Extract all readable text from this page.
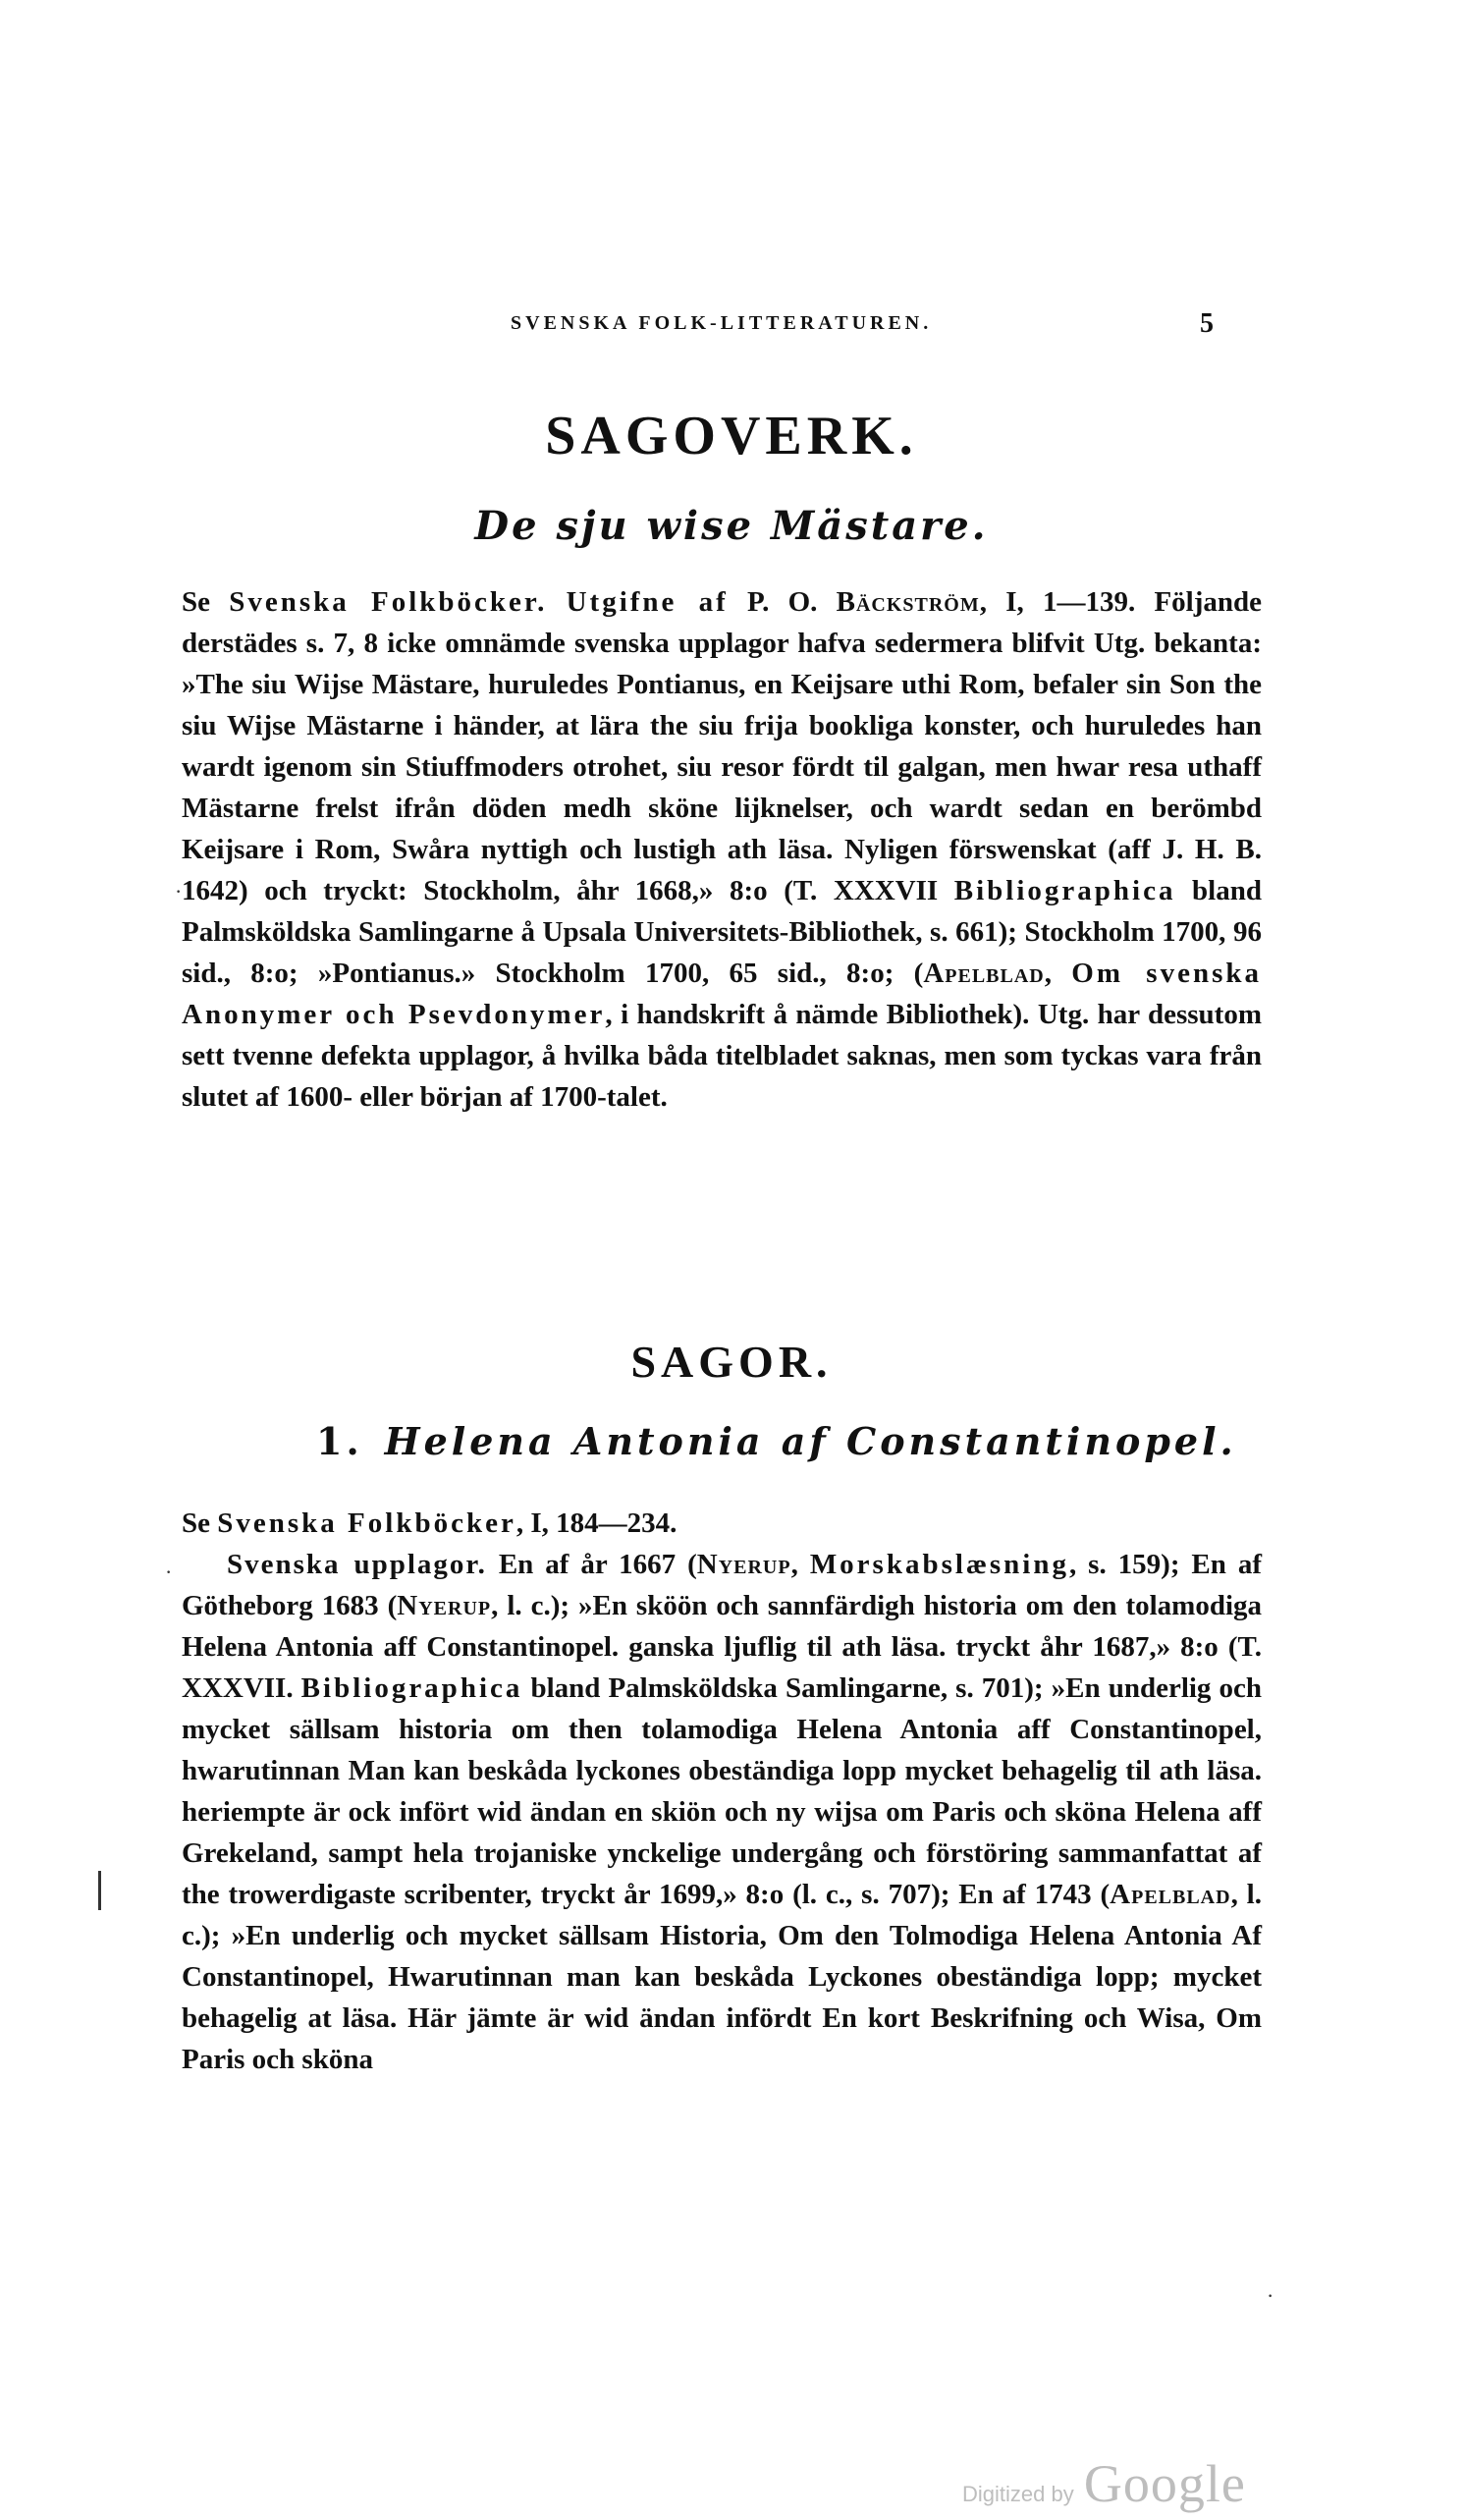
SVENSKA FOLK-LITTERATUREN.	5
SAGOVERK.
De sju wise Mästare.

Se Svenska Folkböcker. Utgifne af P. O. Bäckström, I, 1—139. Följande derstädes s. 7, 8 icke omnämde svenska upplagor hafva sedermera blifvit Utg. bekanta: »The siu Wijse Mästare, huruledes Pontianus, en Keijsare uthi Rom, befaler sin Son the siu Wijse Mästarne i händer, at lära the siu frija bookliga konster, och huruledes han wardt igenom sin Stiuffmoders otrohet, siu resor fördt til galgan, men hwar resa uthaff Mästarne frelst ifrån döden medh sköne lijknelser, och wardt sedan en berömbd Keijsare i Rom, Swåra nyttigh och lustigh ath läsa. Nyligen förswenskat (aff J. H. B. 1642) och tryckt: Stockholm, åhr 1668,» 8:o (T. XXXVII Bibliographica bland Palmsköldska Samlingarne å Upsala Universitets-Bibliothek, s. 661); Stockholm 1700, 96 sid., 8:o; »Pontianus.» Stockholm 1700, 65 sid., 8:o; (Apelblad, Om svenska Anonymer och Psevdonymer, i handskrift å nämde Bibliothek). Utg. har dessutom sett tvenne defekta upplagor, å hvilka båda titelbladet saknas, men som tyckas vara från slutet af 1600- eller början af 1700-talet.

SAGOR.
1. Helena Antonia af Constantinopel.

Se Svenska Folkböcker, I, 184—234.

Svenska upplagor. En af år 1667 (Nyerup, Morskabslæsning, s. 159); En af Götheborg 1683 (Nyerup, l. c.); »En sköön och sannfärdigh historia om den tolamodiga Helena Antonia aff Constantinopel. ganska ljuflig til ath läsa. tryckt åhr 1687,» 8:o (T. XXXVII. Bibliographica bland Palmsköldska Samlingarne, s. 701); »En underlig och mycket sällsam historia om then tolamodiga Helena Antonia aff Constantinopel, hwarutinnan Man kan beskåda lyckones obeständiga lopp mycket behagelig til ath läsa. heriempte är ock infört wid ändan en skiön och ny wijsa om Paris och sköna Helena aff Grekeland, sampt hela trojaniske ynckelige undergång och förstöring sammanfattat af the trowerdigaste scribenter, tryckt år 1699,» 8:o (l. c., s. 707); En af 1743 (Apelblad, l. c.); »En underlig och mycket sällsam Historia, Om den Tolmodiga Helena Antonia Af Constantinopel, Hwarutinnan man kan beskåda Lyckones obeständiga lopp; mycket behagelig at läsa. Här jämte är wid ändan infördt En kort Beskrifning och Wisa, Om Paris och sköna

·
·
·
Digitized by Google
